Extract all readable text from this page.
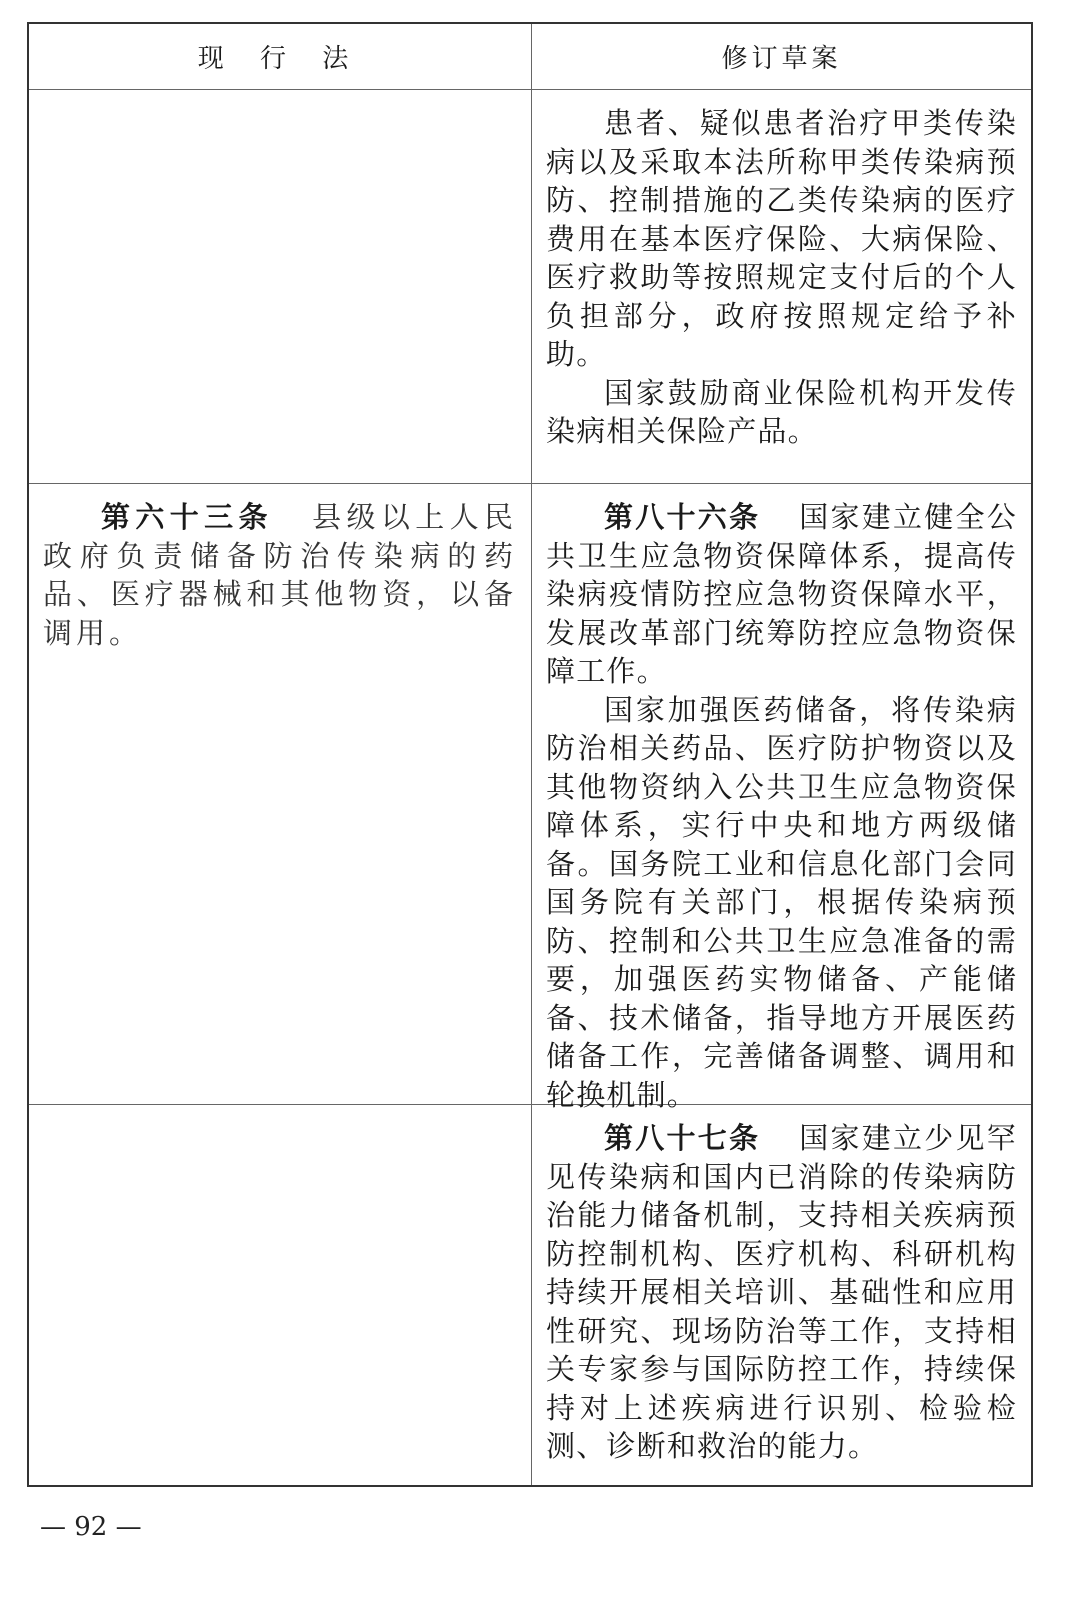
现 行 法	修订草案

患者、疑似患者治疗甲类传染病以及采取本法所称甲类传染病预防、控制措施的乙类传染病的医疗费用在基本医疗保险、大病保险、医疗救助等按照规定支付后的个人负担部分，政府按照规定给予补助。

国家鼓励商业保险机构开发传染病相关保险产品。

第六十三条 县级以上人民政府负责储备防治传染病的药品、医疗器械和其他物资，以备调用。

第八十六条 国家建立健全公共卫生应急物资保障体系，提高传染病疫情防控应急物资保障水平，发展改革部门统筹防控应急物资保障工作。

国家加强医药储备，将传染病防治相关药品、医疗防护物资以及其他物资纳入公共卫生应急物资保障体系，实行中央和地方两级储备。国务院工业和信息化部门会同国务院有关部门，根据传染病预防、控制和公共卫生应急准备的需要，加强医药实物储备、产能储备、技术储备，指导地方开展医药储备工作，完善储备调整、调用和轮换机制。

第八十七条 国家建立少见罕见传染病和国内已消除的传染病防治能力储备机制，支持相关疾病预防控制机构、医疗机构、科研机构持续开展相关培训、基础性和应用性研究、现场防治等工作，支持相关专家参与国际防控工作，持续保持对上述疾病进行识别、检验检测、诊断和救治的能力。

— 92 —
